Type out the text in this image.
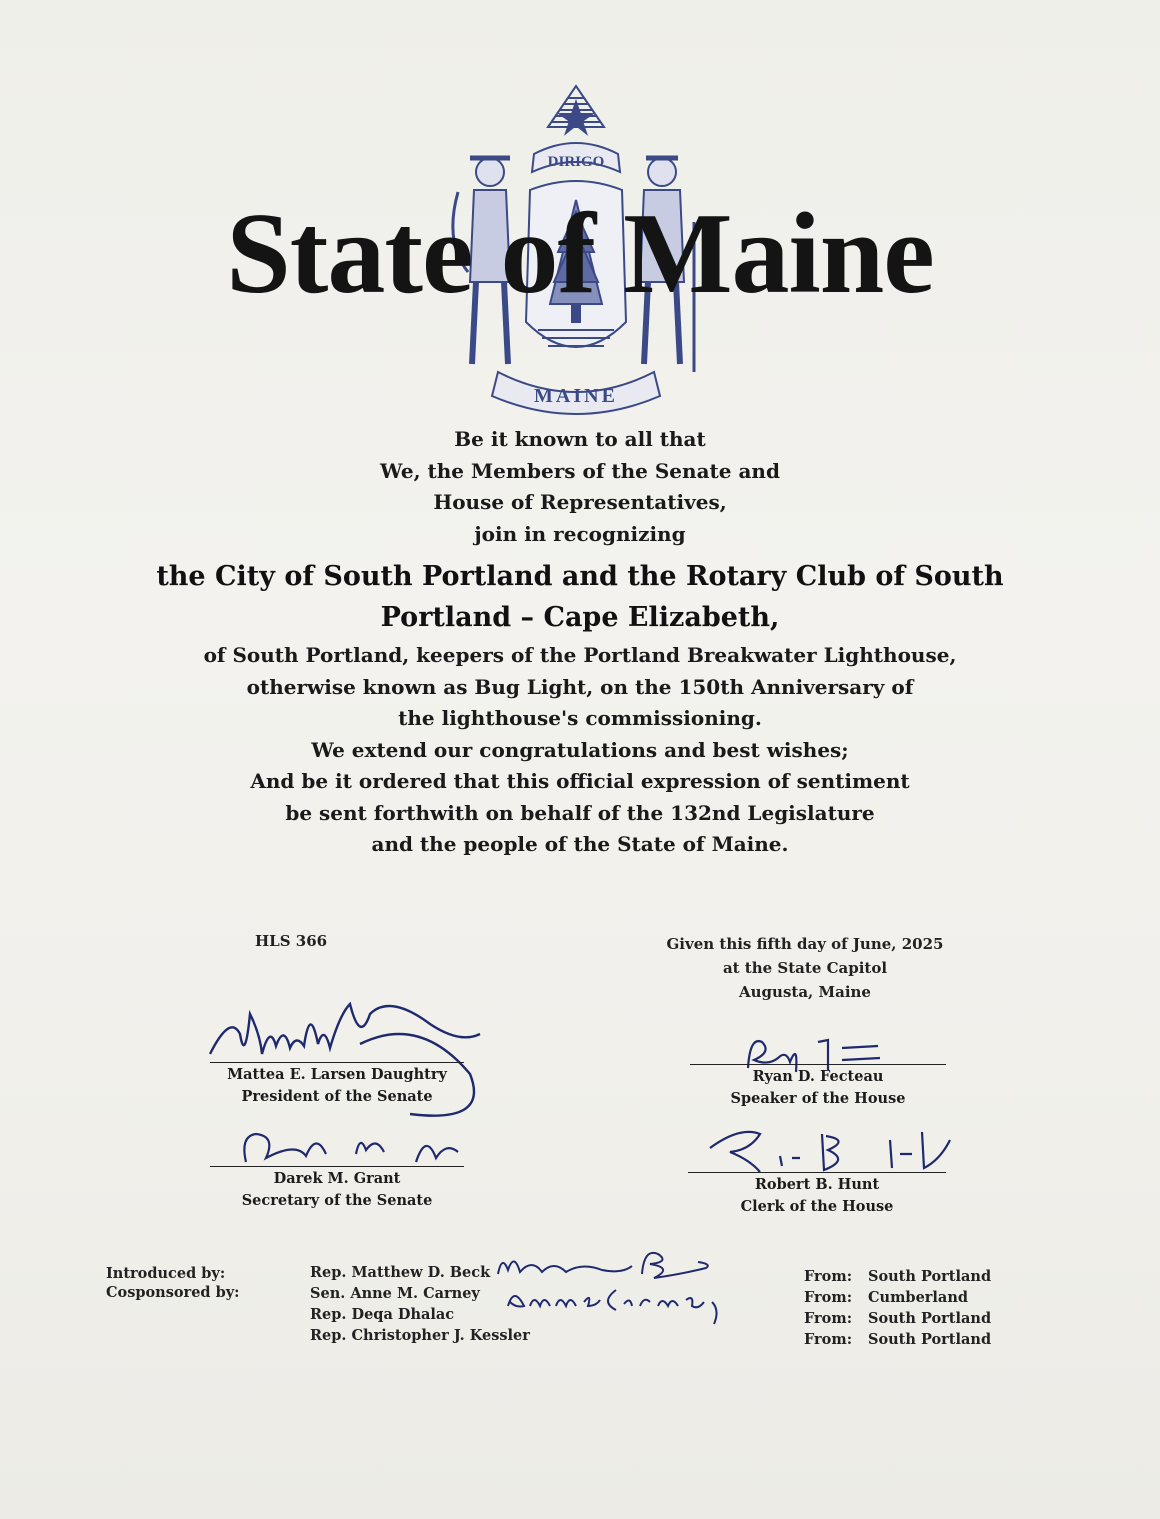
DIRIGO
MAINE
State of Maine
Be it known to all that
We, the Members of the Senate and
House of Representatives,
join in recognizing
the City of South Portland and the Rotary Club of South
Portland – Cape Elizabeth,
of South Portland, keepers of the Portland Breakwater Lighthouse,
otherwise known as Bug Light, on the 150th Anniversary of
the lighthouse's commissioning.
We extend our congratulations and best wishes;
And be it ordered that this official expression of sentiment
be sent forthwith on behalf of the 132nd Legislature
and the people of the State of Maine.
HLS 366	Given this fifth day of June, 2025
at the State Capitol
Augusta, Maine
Mattea E. Larsen Daughtry
President of the Senate
Ryan D. Fecteau
Speaker of the House
Darek M. Grant
Secretary of the Senate
Robert B. Hunt
Clerk of the House
Introduced by:
Cosponsored by:
Rep. Matthew D. Beck
Sen. Anne M. Carney
Rep. Deqa Dhalac
Rep. Christopher J. Kessler
From: South Portland
From: Cumberland
From: South Portland
From: South Portland
